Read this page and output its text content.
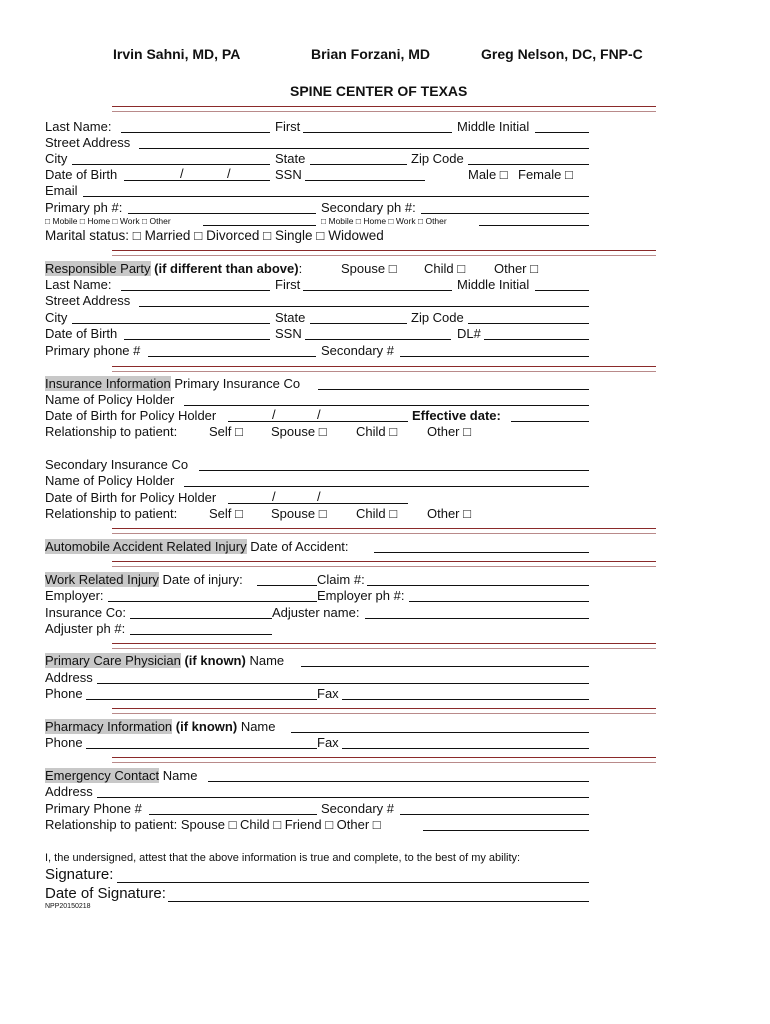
Irvin Sahni, MD, PA	Brian Forzani, MD	Greg Nelson, DC, FNP-C
SPINE CENTER OF TEXAS
Last Name:	First	Middle Initial
Street Address
City	State	Zip Code
Date of Birth	/	/	SSN	Male □ Female □
Email
Primary ph #:	Secondary ph #:
□ Mobile □ Home □ Work □ Other	□ Mobile □ Home □ Work □ Other
Marital status: □ Married □ Divorced □ Single □ Widowed
Responsible Party (if different than above):	Spouse □ Child □ Other □
Last Name:	First	Middle Initial
Street Address
City	State	Zip Code
Date of Birth	SSN	DL#
Primary phone #	Secondary #
Insurance Information Primary Insurance Co
Name of Policy Holder
Date of Birth for Policy Holder	/	/	Effective date:
Relationship to patient: Self □ Spouse □ Child □ Other □
Secondary Insurance Co
Name of Policy Holder
Date of Birth for Policy Holder	/	/
Relationship to patient: Self □ Spouse □ Child □ Other □
Automobile Accident Related Injury Date of Accident:
Work Related Injury Date of injury:	Claim #:
Employer:	Employer ph #:
Insurance Co:	Adjuster name:
Adjuster ph #:
Primary Care Physician (if known) Name
Address
Phone	Fax
Pharmacy Information (if known) Name
Phone	Fax
Emergency Contact Name
Address
Primary Phone #	Secondary #
Relationship to patient: Spouse □ Child □ Friend □ Other □
I, the undersigned, attest that the above information is true and complete, to the best of my ability:
Signature:
Date of Signature:
NPP20150218
